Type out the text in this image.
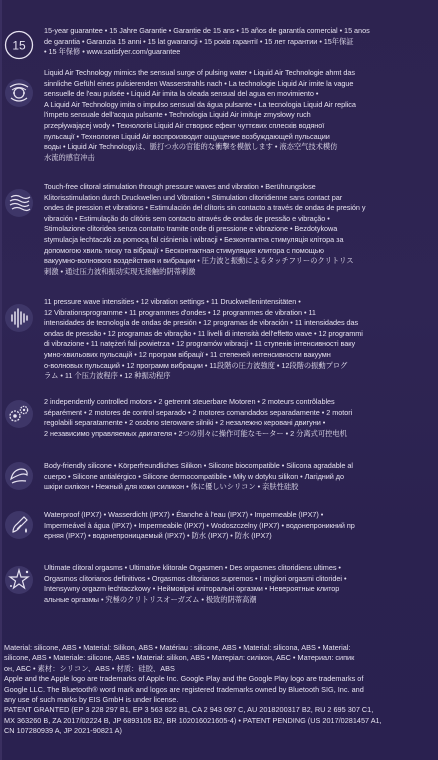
15
15-year guarantee • 15 Jahre Garantie • Garantie de 15 ans • 15 años de garantía comercial • 15 anos
de garantia • Garanzia 15 anni • 15 lat gwarancji • 15 років гарантії • 15 лет гарантии • 15年保証
• 15 年保修 • www.satisfyer.com/guarantee
Liquid Air Technology mimics the sensual surge of pulsing water • Liquid Air Technologie ahmt das
sinnliche Gefühl eines pulsierenden Wasserstrahls nach • La technologie Liquid Air imite la vague
sensuelle de l'eau pulsée • Liquid Air imita la oleada sensual del agua en movimiento •
A Liquid Air Technology imita o impulso sensual da água pulsante • La tecnologia Liquid Air replica
l'impeto sensuale dell'acqua pulsante • Technologia Liquid Air imituje zmysłowy ruch
przepływającej wody • Технологія Liquid Air створює ефект чуттєвих сплесків водяної
пульсації • Технология Liquid Air воспроизводит ощущение возбуждающей пульсации
воды • Liquid Air Technologyは、脈打つ水の官能的な衝撃を模倣します • 液态空气技术模仿
水流的感官冲击
Touch-free clitoral stimulation through pressure waves and vibration • Berührungslose
Klitorisstimulation durch Druckwellen und Vibration • Stimulation clitoridienne sans contact par
ondes de pression et vibrations • Estimulación del clítoris sin contacto a través de ondas de presión y
vibración • Estimulação do clitóris sem contacto através de ondas de pressão e vibração •
Stimolazione clitoridea senza contatto tramite onde di pressione e vibrazione • Bezdotykowa
stymulacja łechtaczki za pomocą fal ciśnienia i wibracji • Безконтактна стимуляція клітора за
допомогою хвиль тиску та вібрації • Бесконтактная стимуляция клитора с помощью
вакуумно-волнового воздействия и вибрации • 圧力波と振動によるタッチフリーのクリトリス
刺激 • 通过压力波和振动实现无接触的阴蒂刺激
11 pressure wave intensities • 12 vibration settings • 11 Druckwellenintensitäten •
12 Vibrationsprogramme • 11 programmes d'ondes • 12 programmes de vibration • 11
intensidades de tecnología de ondas de presión • 12 programas de vibración • 11 intensidades das
ondas de pressão • 12 programas de vibração • 11 livelli di intensità dell'effetto wave • 12 programmi
di vibrazione • 11 natężeń fali powietrza • 12 programów wibracji • 11 ступенів інтенсивності ваку
умно-хвильових пульсацій • 12 програм вібрації • 11 степеней интенсивности вакуумн
о-волновых пульсаций • 12 программ вибрации • 11段階の圧力波強度 • 12段階の振動プログ
ラム • 11 个压力波程序 • 12 种振动程序
2 independently controlled motors • 2 getrennt steuerbare Motoren • 2 moteurs contrôlables
séparément • 2 motores de control separado • 2 motores comandados separadamente • 2 motori
regolabili separatamente • 2 osobno sterowane silniki • 2 незалежно керовані двигуни •
2 независимо управляемых двигателя • 2つの別々に操作可能なモーター • 2 分离式可控电机
Body-friendly silicone • Körperfreundliches Silikon • Silicone biocompatible • Silicona agradable al
cuerpo • Silicone antialérgico • Silicone dermocompatibile • Miły w dotyku silikon • Лагідний до
шкіри силікон • Нежный для кожи силикон • 体に優しいシリコン • 亲肤性硅胶
Waterproof (IPX7) • Wasserdicht (IPX7) • Étanche à l'eau (IPX7) • Impermeable (IPX7) •
Impermeável à água (IPX7) • Impermeabile (IPX7) • Wodoszczelny (IPX7) • водонепроникний пр
ерняя (IPX7) • водонепроницаемый (IPX7) • 防水 (IPX7) • 防水 (IPX7)
Ultimate clitoral orgasms • Ultimative klitorale Orgasmen • Des orgasmes clitoridiens ultimes •
Orgasmos clitorianos definitivos • Orgasmos clitorianos supremos • I migliori orgasmi clitoridei •
Intensywny orgazm łechtaczkowy • Неймовірні кліторальні оргазми • Невероятные клитор
альные оргазмы • 究極のクリトリスオーガズム • 极致的阴蒂高潮
Material: silicone, ABS • Material: Silikon, ABS • Matériau : silicone, ABS • Material: silicona, ABS • Material:
silicone, ABS • Materiale: silicone, ABS • Materiał: silikon, ABS • Матеріал: силікон, АБС • Материал: сипик
он, АБС • 素材：シリコン、ABS • 材质：硅胶、ABS
Apple and the Apple logo are trademarks of Apple Inc. Google Play and the Google Play logo are trademarks of
Google LLC. The Bluetooth® word mark and logos are registered trademarks owned by Bluetooth SIG, Inc. and
any use of such marks by EIS GmbH is under license.
PATENT GRANTED (EP 3 228 297 B1, EP 3 563 822 B1, CA 2 943 097 C, AU 2018200317 B2, RU 2 695 307 C1,
MX 363260 B, ZA 2017/02224 B, JP 6893105 B2, BR 102016021605-4) • PATENT PENDING (US 2017/0281457 A1,
CN 107280939 A, JP 2021-90821 A)
